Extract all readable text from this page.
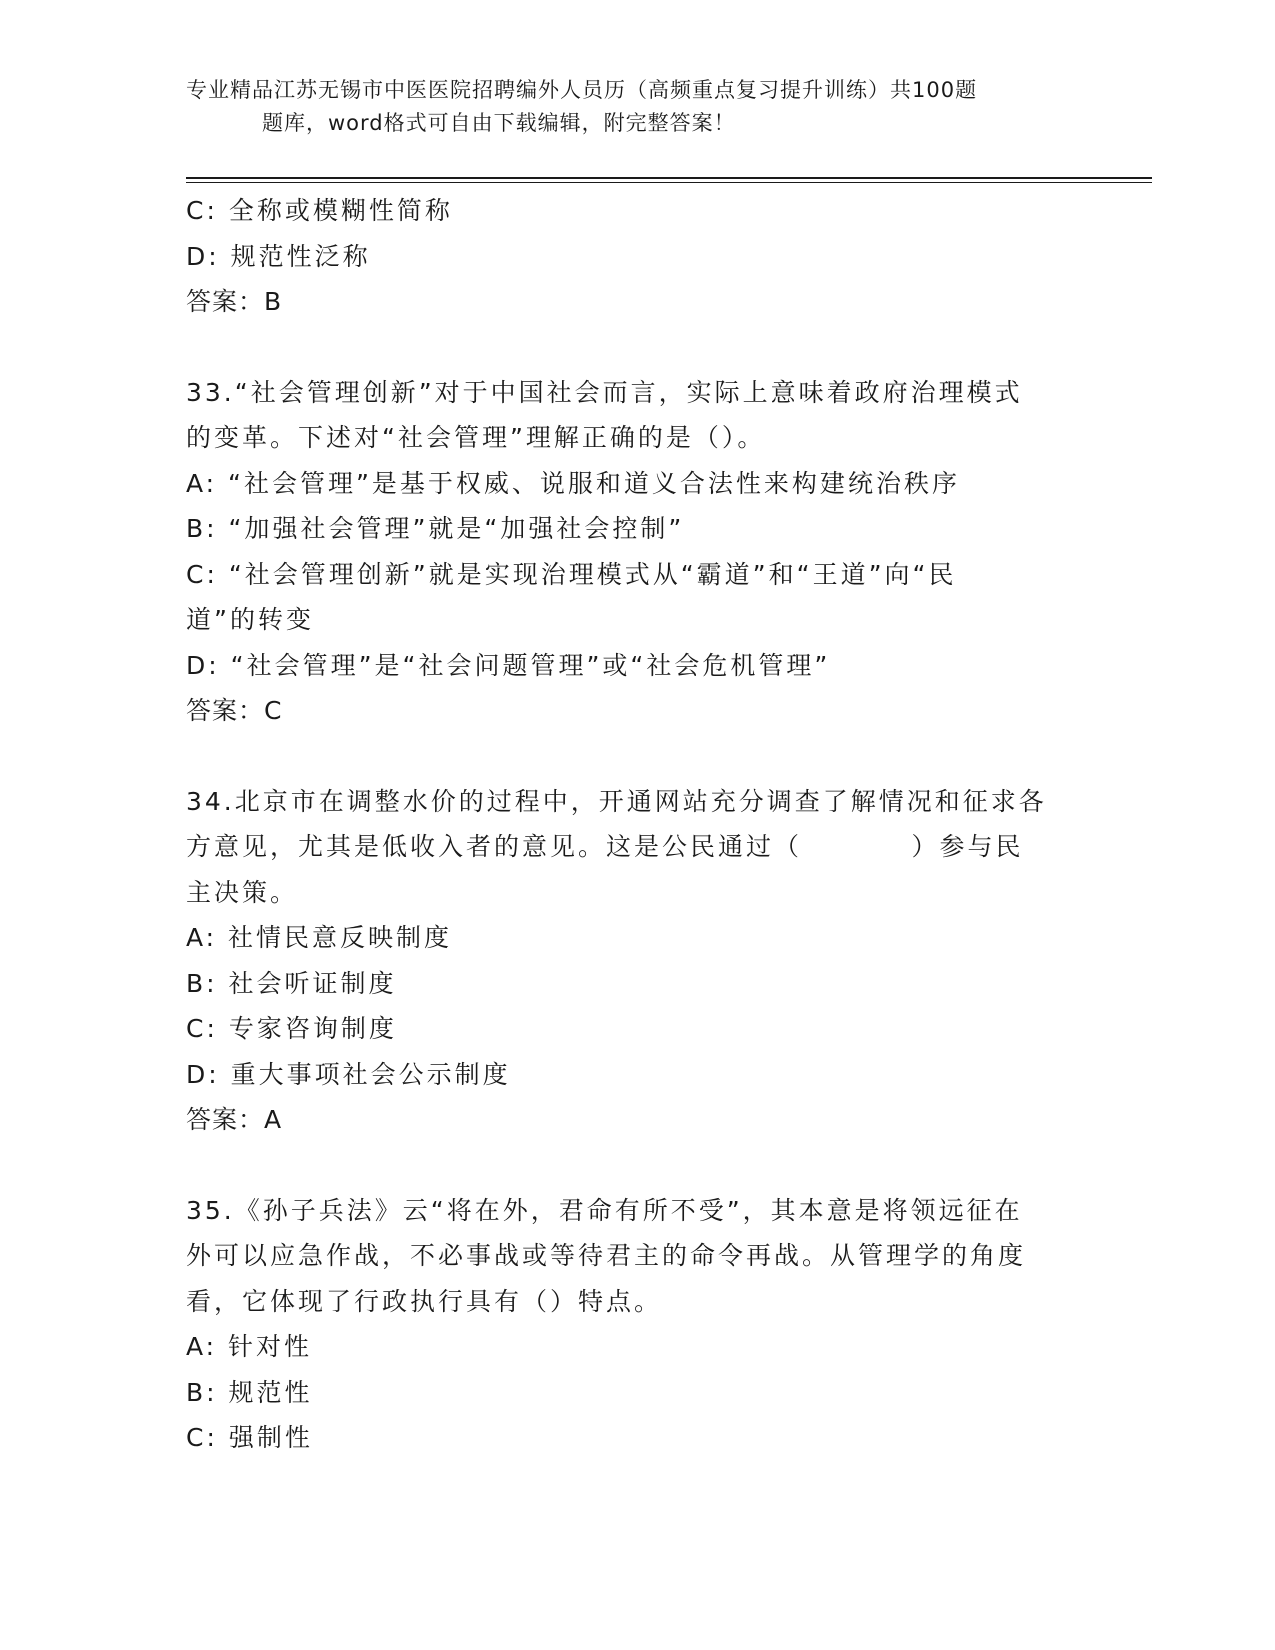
专业精品江苏无锡市中医医院招聘编外人员历（高频重点复习提升训练）共100题
题库，word格式可自由下载编辑，附完整答案！
C: 全称或模糊性简称
D: 规范性泛称
答案：B
33.“社会管理创新”对于中国社会而言，实际上意味着政府治理模式
的变革。下述对“社会管理”理解正确的是（）。
A: “社会管理”是基于权威、说服和道义合法性来构建统治秩序
B: “加强社会管理”就是“加强社会控制”
C: “社会管理创新”就是实现治理模式从“霸道”和“王道”向“民
道”的转变
D: “社会管理”是“社会问题管理”或“社会危机管理”
答案：C
34.北京市在调整水价的过程中，开通网站充分调查了解情况和征求各
方意见，尤其是低收入者的意见。这是公民通过（          ）参与民
主决策。
A: 社情民意反映制度
B: 社会听证制度
C: 专家咨询制度
D: 重大事项社会公示制度
答案：A
35.《孙子兵法》云“将在外，君命有所不受”，其本意是将领远征在
外可以应急作战，不必事战或等待君主的命令再战。从管理学的角度
看，它体现了行政执行具有（）特点。
A: 针对性
B: 规范性
C: 强制性
